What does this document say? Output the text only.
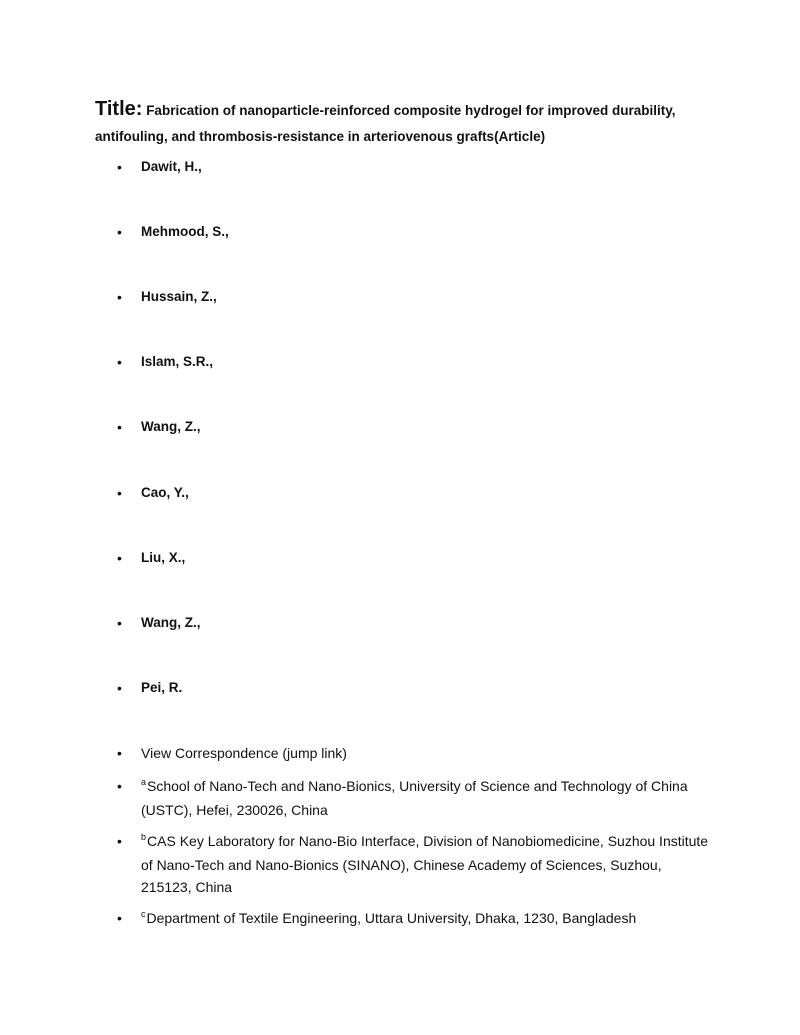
Title: Fabrication of nanoparticle-reinforced composite hydrogel for improved durability, antifouling, and thrombosis-resistance in arteriovenous grafts(Article)
• Dawit, H.,
• Mehmood, S.,
• Hussain, Z.,
• Islam, S.R.,
• Wang, Z.,
• Cao, Y.,
• Liu, X.,
• Wang, Z.,
• Pei, R.
• View Correspondence (jump link)
• $^a$School of Nano-Tech and Nano-Bionics, University of Science and Technology of China (USTC), Hefei, 230026, China
• $^b$CAS Key Laboratory for Nano-Bio Interface, Division of Nanobiomedicine, Suzhou Institute of Nano-Tech and Nano-Bionics (SINANO), Chinese Academy of Sciences, Suzhou, 215123, China
• $^c$Department of Textile Engineering, Uttara University, Dhaka, 1230, Bangladesh
